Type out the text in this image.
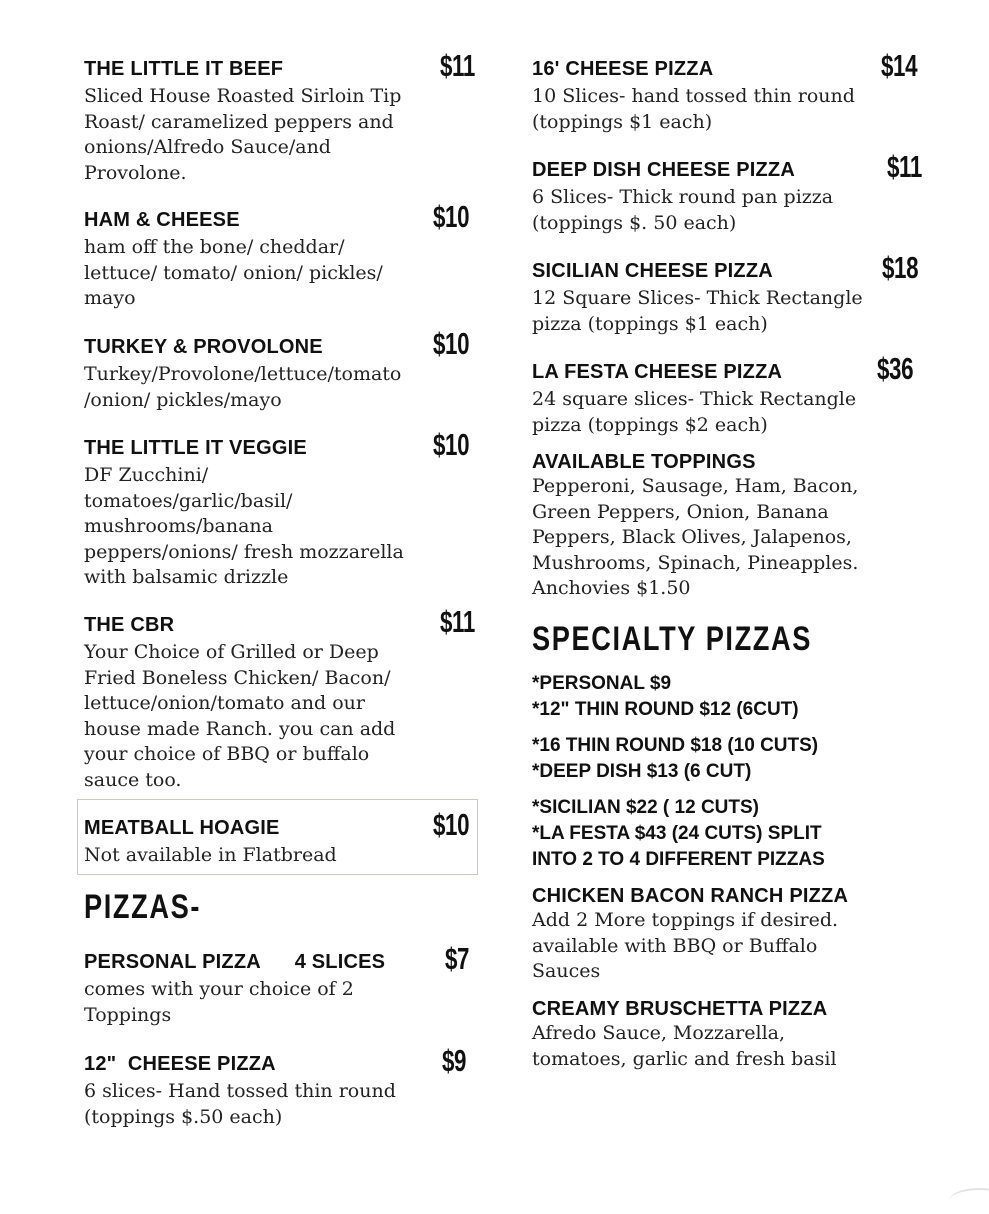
THE LITTLE IT BEEF
Sliced House Roasted Sirloin Tip
Roast/ caramelized peppers and
onions/Alfredo Sauce/and
Provolone.
$11
HAM & CHEESE
ham off the bone/ cheddar/
lettuce/ tomato/ onion/ pickles/
mayo
$10
TURKEY & PROVOLONE
Turkey/Provolone/lettuce/tomato
/onion/ pickles/mayo
$10
THE LITTLE IT VEGGIE
DF Zucchini/
tomatoes/garlic/basil/
mushrooms/banana
peppers/onions/ fresh mozzarella
with balsamic drizzle
$10
THE CBR
Your Choice of Grilled or Deep
Fried Boneless Chicken/ Bacon/
lettuce/onion/tomato and our
house made Ranch. you can add
your choice of BBQ or buffalo
sauce too.
$11
MEATBALL HOAGIE
Not available in Flatbread
$10
PIZZAS-
PERSONAL PIZZA      4 SLICES
comes with your choice of 2
Toppings
$7
12"  CHEESE PIZZA
6 slices- Hand tossed thin round
(toppings $.50 each)
$9
16' CHEESE PIZZA
10 Slices- hand tossed thin round
(toppings $1 each)
$14
DEEP DISH CHEESE PIZZA
6 Slices- Thick round pan pizza
(toppings $. 50 each)
$11
SICILIAN CHEESE PIZZA
12 Square Slices- Thick Rectangle
pizza (toppings $1 each)
$18
LA FESTA CHEESE PIZZA
24 square slices- Thick Rectangle
pizza (toppings $2 each)
$36
AVAILABLE TOPPINGS
Pepperoni, Sausage, Ham, Bacon,
Green Peppers, Onion, Banana
Peppers, Black Olives, Jalapenos,
Mushrooms, Spinach, Pineapples.
Anchovies $1.50
SPECIALTY PIZZAS
*PERSONAL $9
*12" THIN ROUND $12 (6CUT)
*16 THIN ROUND $18 (10 CUTS)
*DEEP DISH $13 (6 CUT)
*SICILIAN $22 ( 12 CUTS)
*LA FESTA $43 (24 CUTS) SPLIT
INTO 2 TO 4 DIFFERENT PIZZAS
CHICKEN BACON RANCH PIZZA
Add 2 More toppings if desired.
available with BBQ or Buffalo
Sauces
CREAMY BRUSCHETTA PIZZA
Afredo Sauce, Mozzarella,
tomatoes, garlic and fresh basil
